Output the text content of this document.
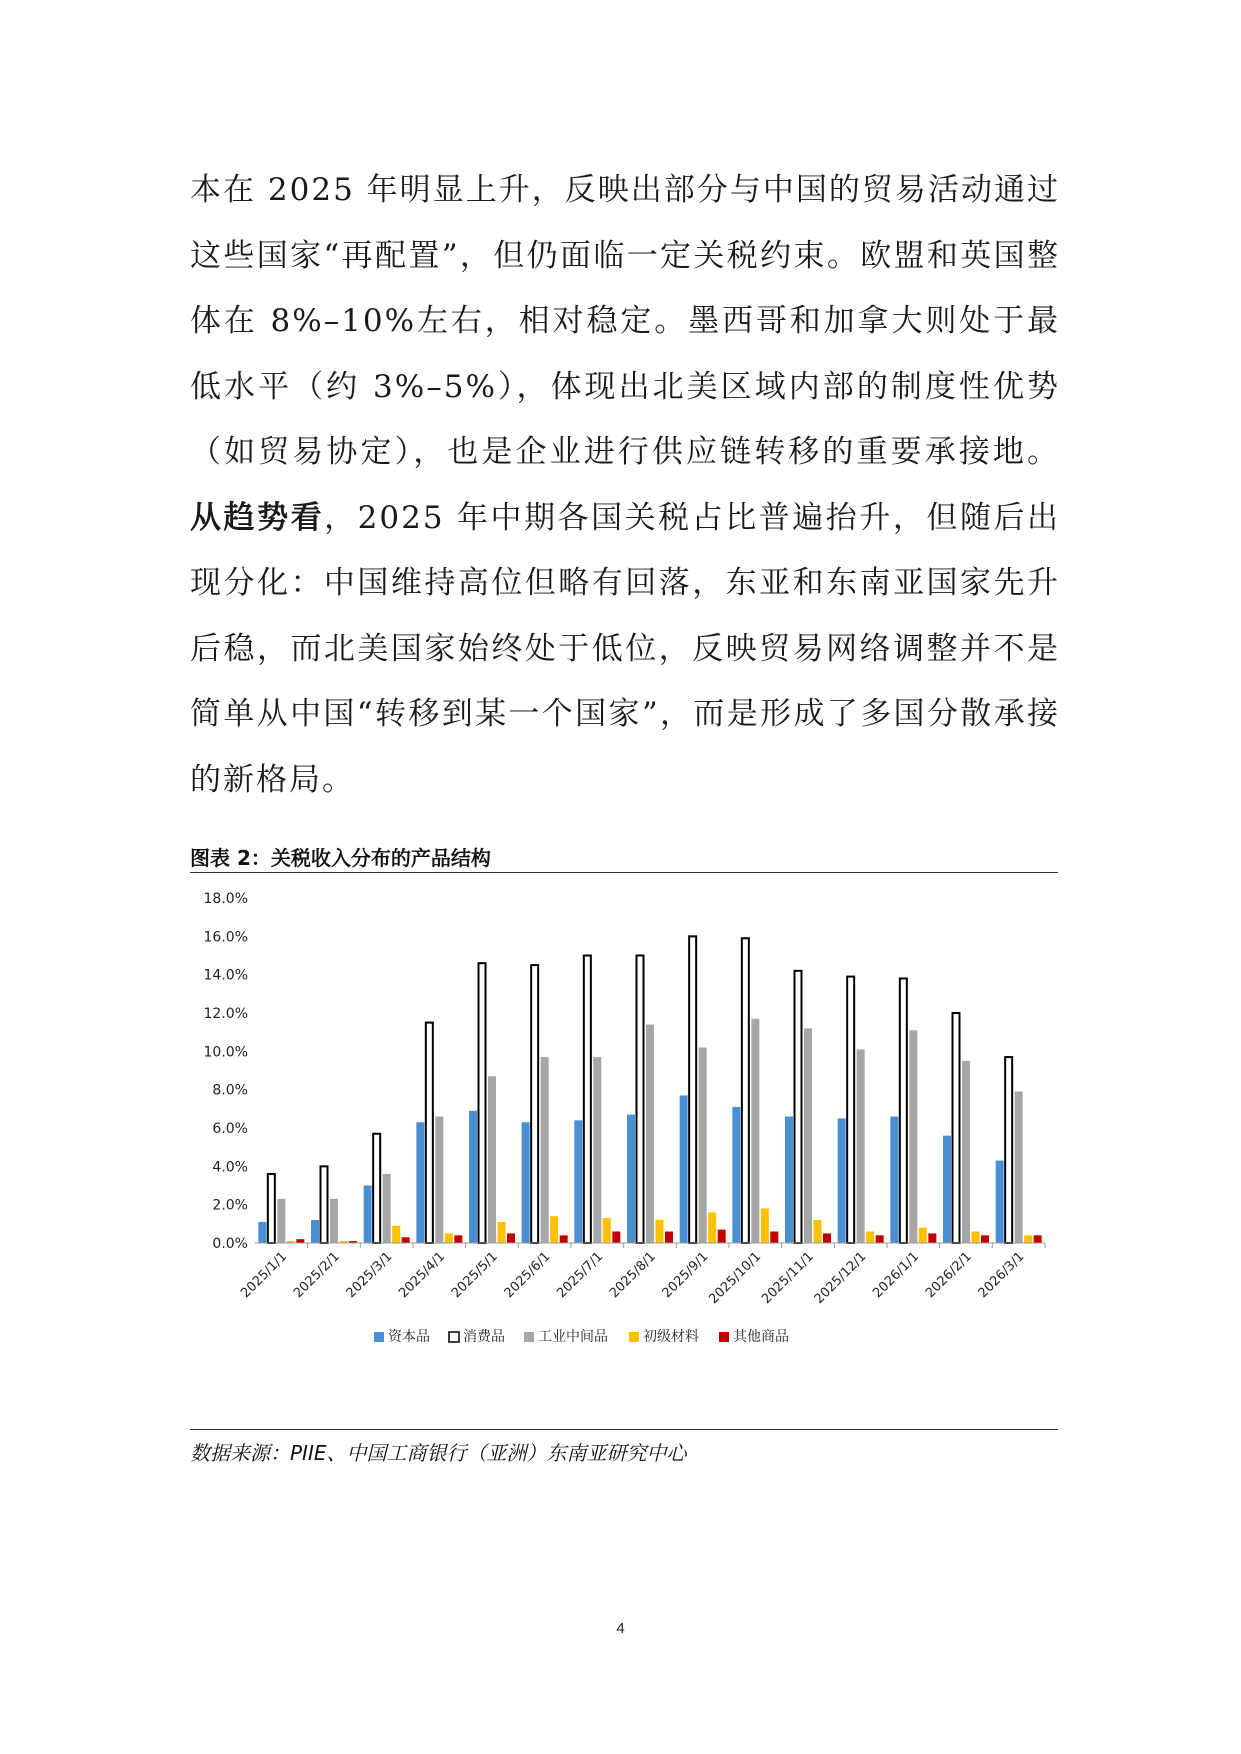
本在 2025 年明显上升，反映出部分与中国的贸易活动通过这些国家“再配置”，但仍面临一定关税约束。欧盟和英国整体在 8%–10%左右，相对稳定。墨西哥和加拿大则处于最低水平（约 3%–5%），体现出北美区域内部的制度性优势（如贸易协定），也是企业进行供应链转移的重要承接地。从趋势看，2025 年中期各国关税占比普遍抬升，但随后出现分化：中国维持高位但略有回落，东亚和东南亚国家先升后稳，而北美国家始终处于低位，反映贸易网络调整并不是简单从中国“转移到某一个国家”，而是形成了多国分散承接的新格局。

图表 2：关税收入分布的产品结构
0.0%
2.0%
4.0%
6.0%
8.0%
10.0%
12.0%
14.0%
16.0%
18.0%
2025/1/1 2025/2/1 2025/3/1 2025/4/1 2025/5/1 2025/6/1 2025/7/1 2025/8/1 2025/9/1
2025/10/1
2025/11/1
2025/12/1 2026/1/1 2026/2/1 2026/3/1
资本品 消费品 工业中间品	初级材料 其他商品
数据来源：PIIE、中国工商银行（亚洲）东南亚研究中心
4
